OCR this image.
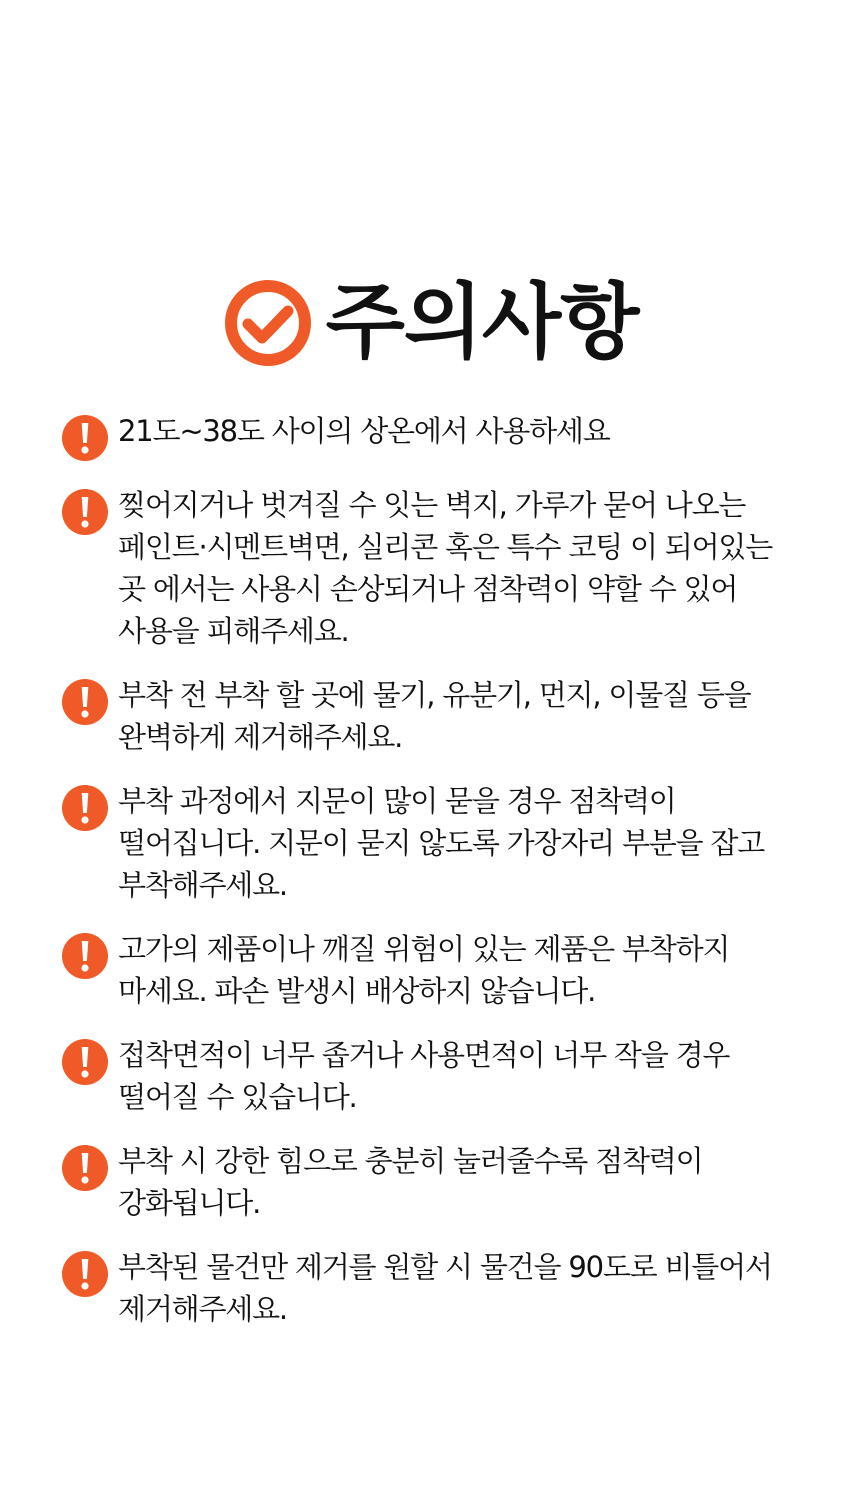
주의사항
21도~38도 사이의 상온에서 사용하세요
찢어지거나 벗겨질 수 잇는 벽지, 가루가 묻어 나오는 페인트·시멘트벽면, 실리콘 혹은 특수 코팅 이 되어있는 곳 에서는 사용시 손상되거나 점착력이 약할 수 있어 사용을 피해주세요.
부착 전 부착 할 곳에 물기, 유분기, 먼지, 이물질 등을 완벽하게 제거해주세요.
부착 과정에서 지문이 많이 묻을 경우 점착력이 떨어집니다. 지문이 묻지 않도록 가장자리 부분을 잡고 부착해주세요.
고가의 제품이나 깨질 위험이 있는 제품은 부착하지 마세요. 파손 발생시 배상하지 않습니다.
접착면적이 너무 좁거나 사용면적이 너무 작을 경우 떨어질 수 있습니다.
부착 시 강한 힘으로 충분히 눌러줄수록 점착력이 강화됩니다.
부착된 물건만 제거를 원할 시 물건을 90도로 비틀어서 제거해주세요.
